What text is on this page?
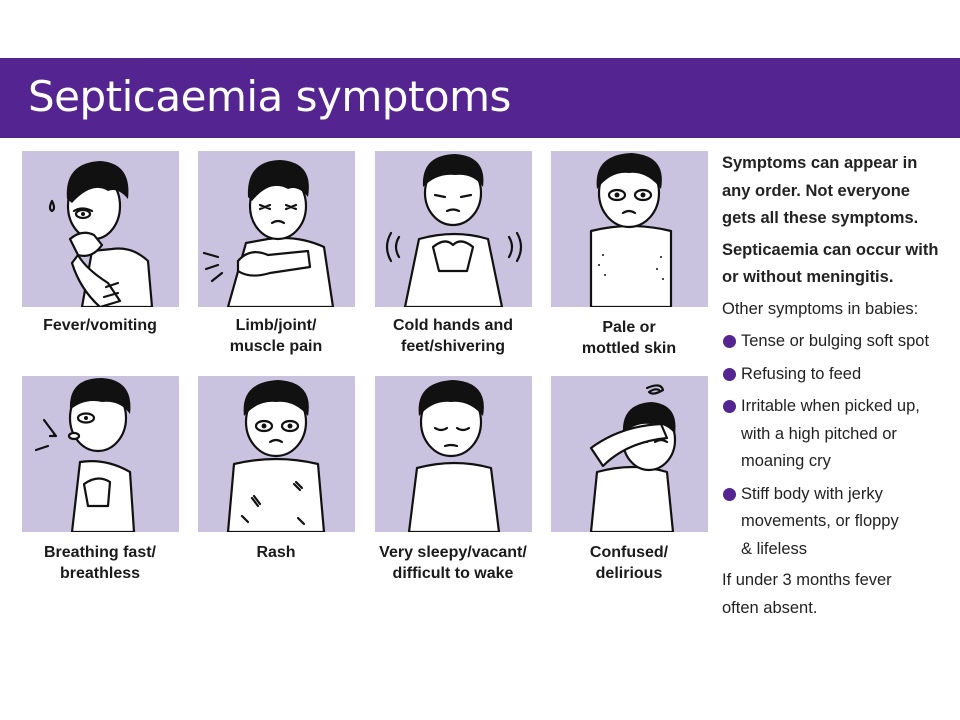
Septicaemia symptoms
Fever/vomiting	Limb/joint/
muscle pain
Cold hands and
feet/shivering
Pale or
mottled skin
Breathing fast/
breathless
Rash	Very sleepy/vacant/
difficult to wake
Confused/
delirious

Symptoms can appear in
any order. Not everyone
gets all these symptoms.

Septicaemia can occur with
or without meningitis.

Other symptoms in babies:

Tense or bulging soft spot
Refusing to feed
Irritable when picked up,
with a high pitched or
moaning cry
Stiff body with jerky
movements, or floppy
& lifeless

If under 3 months fever
often absent.
